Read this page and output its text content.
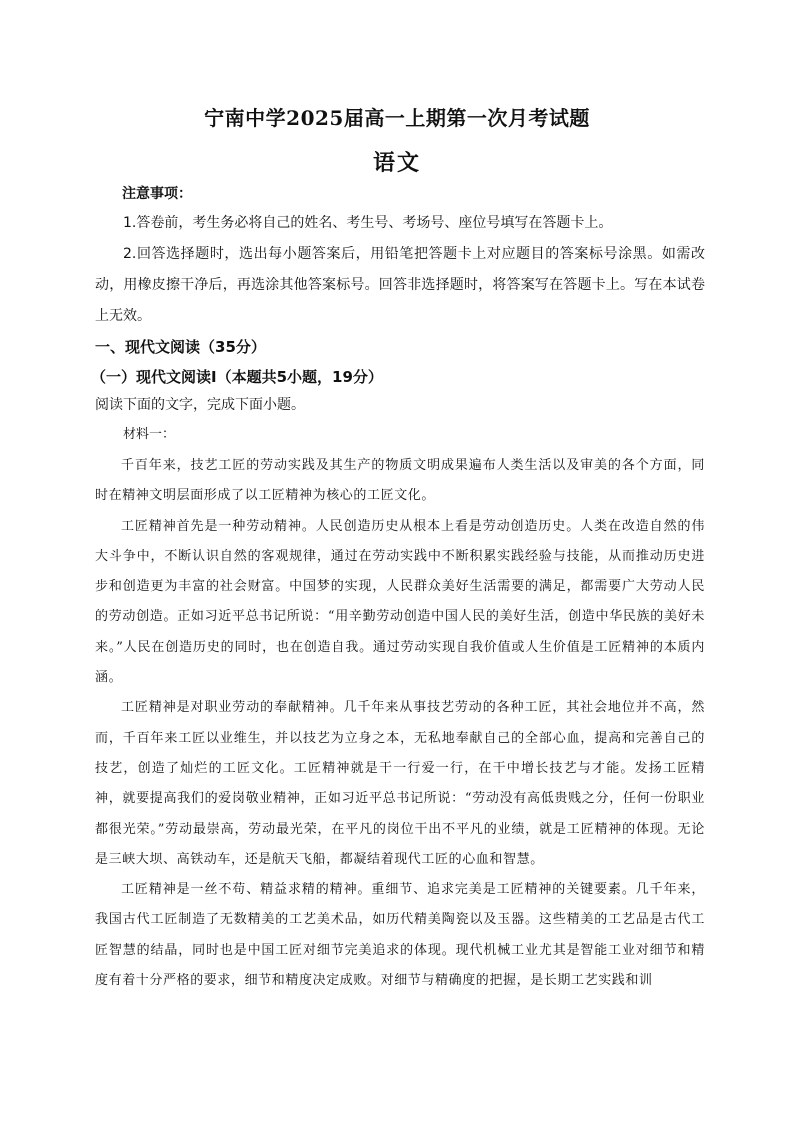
宁南中学2025届高一上期第一次月考试题
语文
注意事项：

1.答卷前，考生务必将自己的姓名、考生号、考场号、座位号填写在答题卡上。

2.回答选择题时，选出每小题答案后，用铅笔把答题卡上对应题目的答案标号涂黑。如需改动，用橡皮擦干净后，再选涂其他答案标号。回答非选择题时，将答案写在答题卡上。写在本试卷上无效。

一、现代文阅读（35分）

（一）现代文阅读Ⅰ（本题共5小题，19分）

阅读下面的文字，完成下面小题。

材料一：

千百年来，技艺工匠的劳动实践及其生产的物质文明成果遍布人类生活以及审美的各个方面，同时在精神文明层面形成了以工匠精神为核心的工匠文化。

工匠精神首先是一种劳动精神。人民创造历史从根本上看是劳动创造历史。人类在改造自然的伟大斗争中，不断认识自然的客观规律，通过在劳动实践中不断积累实践经验与技能，从而推动历史进步和创造更为丰富的社会财富。中国梦的实现，人民群众美好生活需要的满足，都需要广大劳动人民的劳动创造。正如习近平总书记所说：“用辛勤劳动创造中国人民的美好生活，创造中华民族的美好未来。”人民在创造历史的同时，也在创造自我。通过劳动实现自我价值或人生价值是工匠精神的本质内涵。

工匠精神是对职业劳动的奉献精神。几千年来从事技艺劳动的各种工匠，其社会地位并不高，然而，千百年来工匠以业维生，并以技艺为立身之本，无私地奉献自己的全部心血，提高和完善自己的技艺，创造了灿烂的工匠文化。工匠精神就是干一行爱一行，在干中增长技艺与才能。发扬工匠精神，就要提高我们的爱岗敬业精神，正如习近平总书记所说：“劳动没有高低贵贱之分，任何一份职业都很光荣。”劳动最崇高，劳动最光荣，在平凡的岗位干出不平凡的业绩，就是工匠精神的体现。无论是三峡大坝、高铁动车，还是航天飞船，都凝结着现代工匠的心血和智慧。

工匠精神是一丝不苟、精益求精的精神。重细节、追求完美是工匠精神的关键要素。几千年来，我国古代工匠制造了无数精美的工艺美术品，如历代精美陶瓷以及玉器。这些精美的工艺品是古代工匠智慧的结晶，同时也是中国工匠对细节完美追求的体现。现代机械工业尤其是智能工业对细节和精度有着十分严格的要求，细节和精度决定成败。对细节与精确度的把握，是长期工艺实践和训
